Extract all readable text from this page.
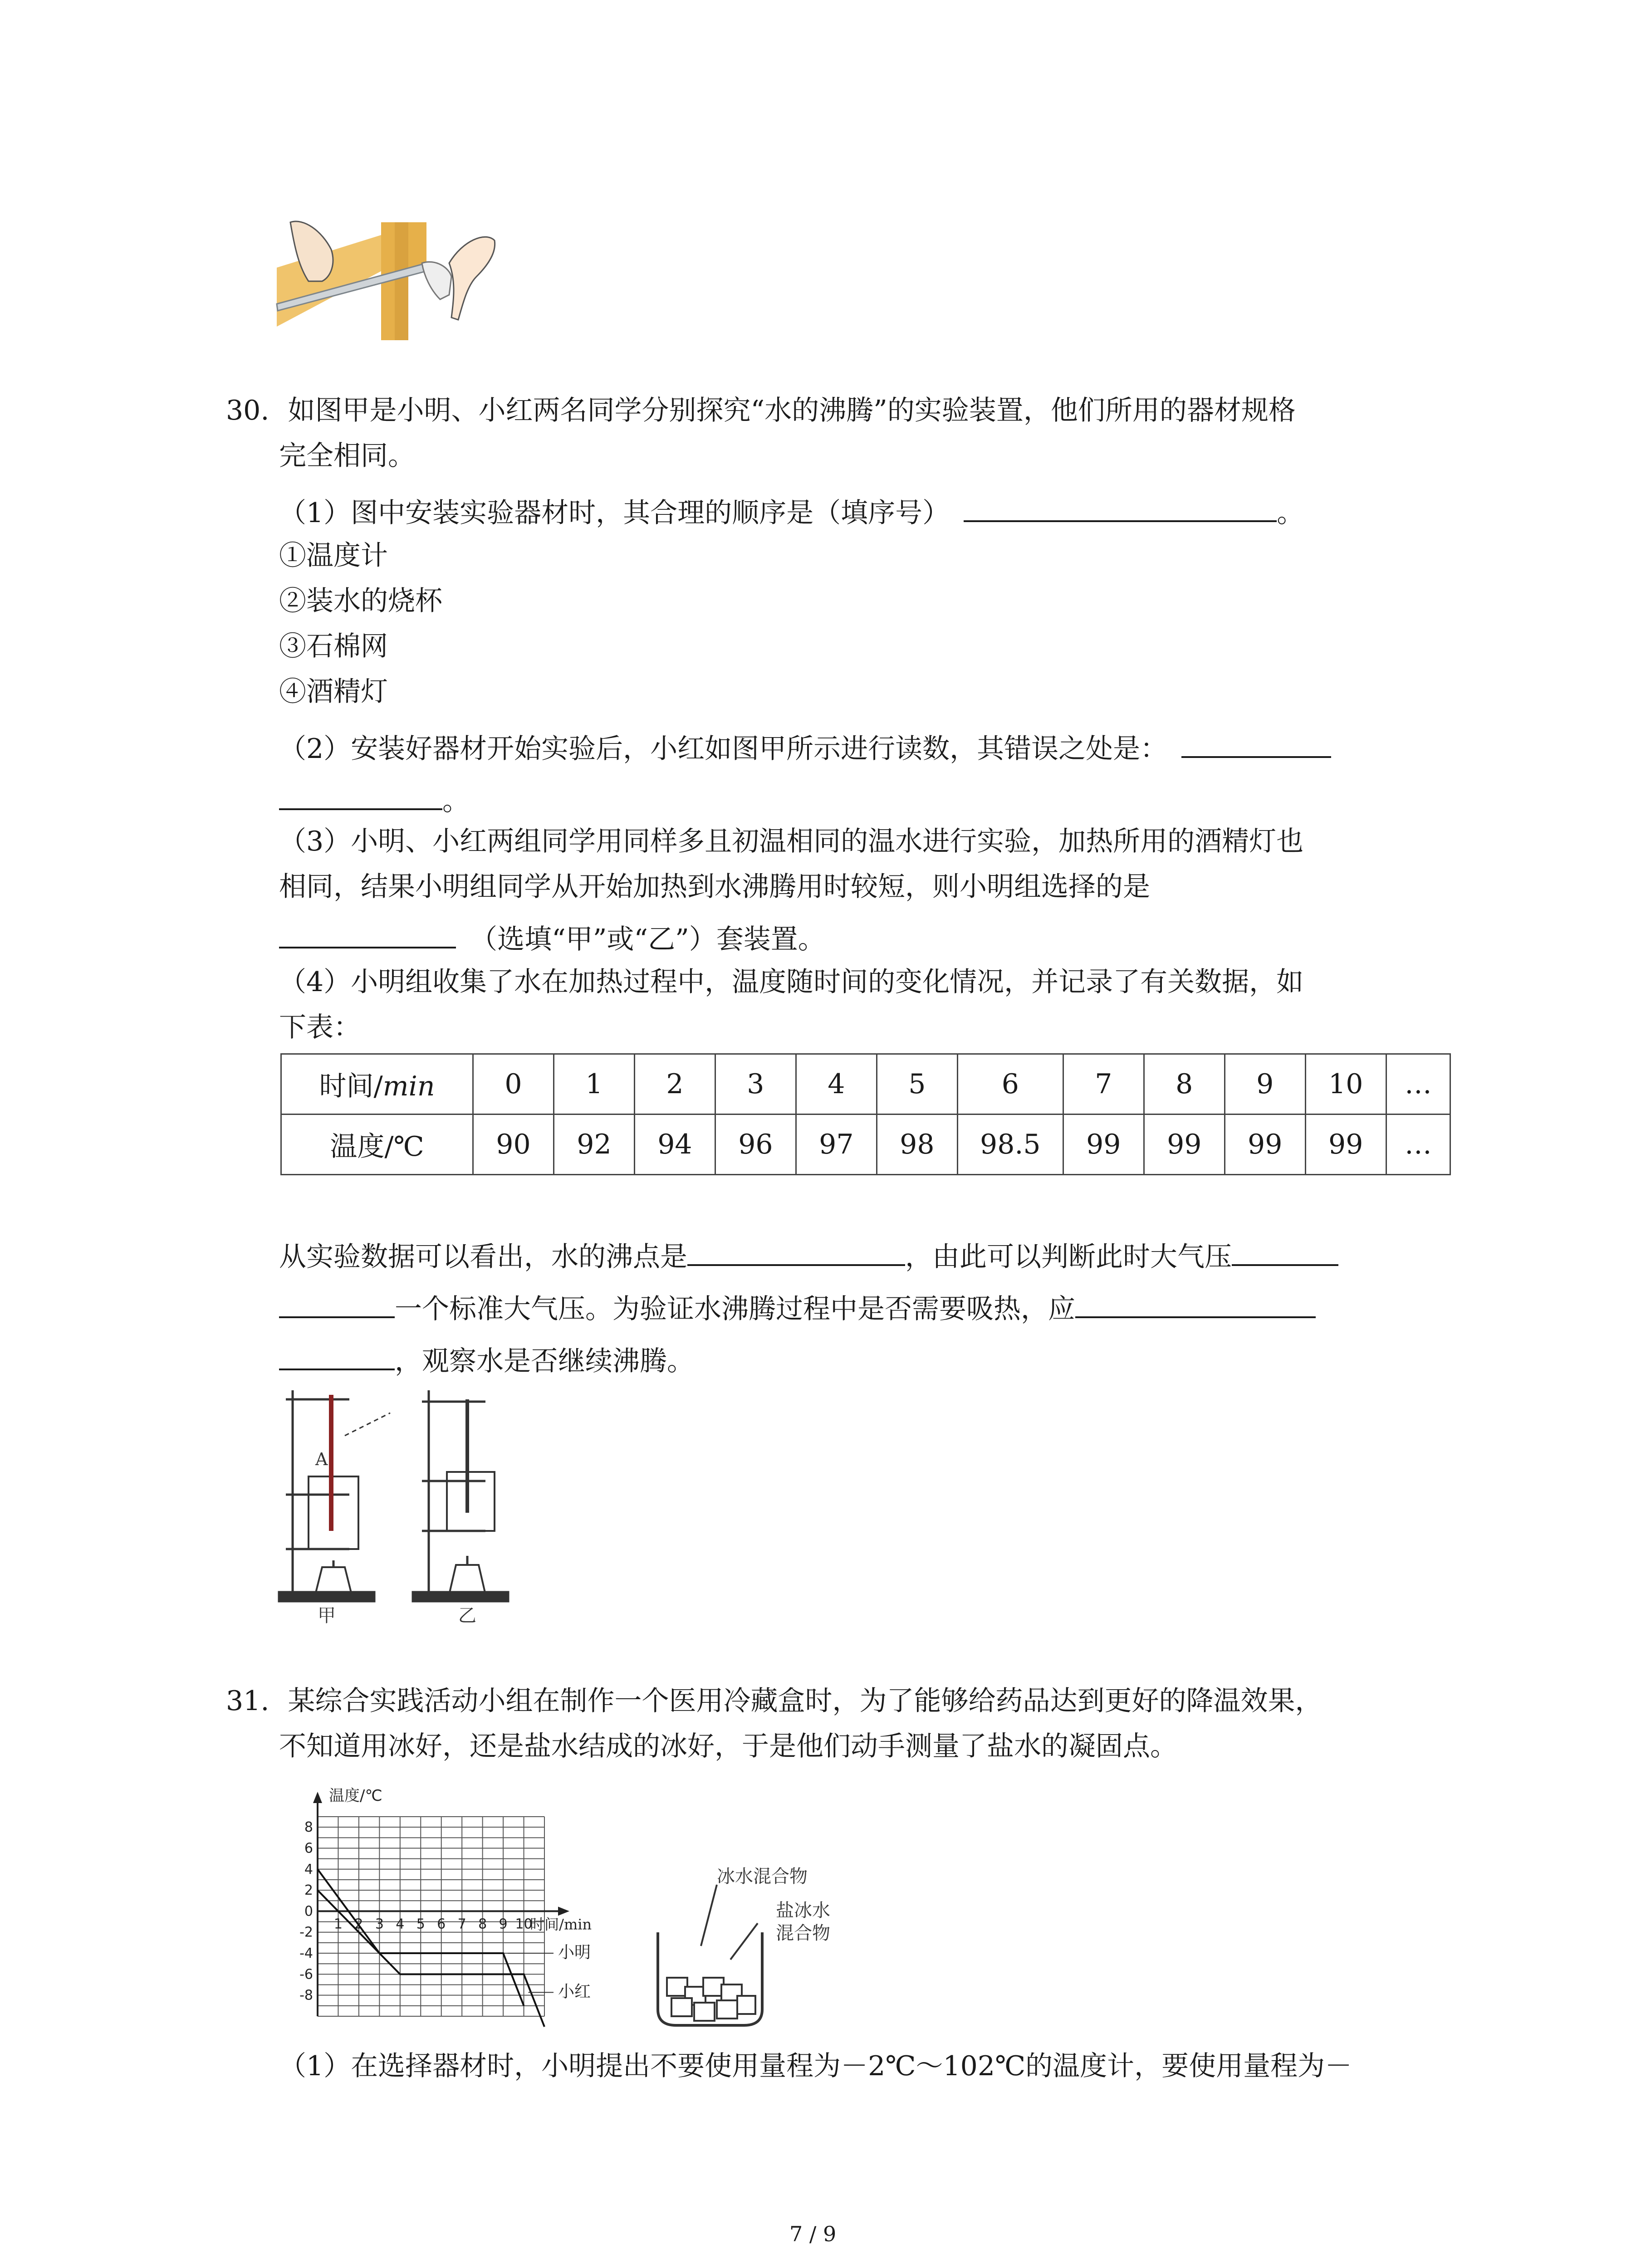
30. 如图甲是小明、小红两名同学分别探究“水的沸腾”的实验装置，他们所用的器材规格
完全相同。
（1）图中安装实验器材时，其合理的顺序是（填序号）	。
①温度计
②装水的烧杯
③石棉网
④酒精灯
（2）安装好器材开始实验后，小红如图甲所示进行读数，其错误之处是：
。
（3）小明、小红两组同学用同样多且初温相同的温水进行实验，加热所用的酒精灯也
相同，结果小明组同学从开始加热到水沸腾用时较短，则小明组选择的是
（选填“甲”或“乙”）套装置。
（4）小明组收集了水在加热过程中，温度随时间的变化情况，并记录了有关数据，如
下表：
时间/min	0	1	2	3	4	5	6	7	8	9	10	…
温度/℃	90	92	94	96	97	98	98.5	99	99	99	99	…
从实验数据可以看出，水的沸点是	，由此可以判断此时大气压
一个标准大气压。为验证水沸腾过程中是否需要吸热，应
，观察水是否继续沸腾。
A
甲	乙
31. 某综合实践活动小组在制作一个医用冷藏盒时，为了能够给药品达到更好的降温效果，
不知道用冰好，还是盐水结成的冰好，于是他们动手测量了盐水的凝固点。
温度/℃
时间/min
8
6
4
2
0
-2
-4
-6
-8
1 2 3 4 5 6 7 8 9 10
小明
小红
冰水混合物
盐冰水
混合物
（1）在选择器材时，小明提出不要使用量程为－2℃～102℃的温度计，要使用量程为－
7 / 9
